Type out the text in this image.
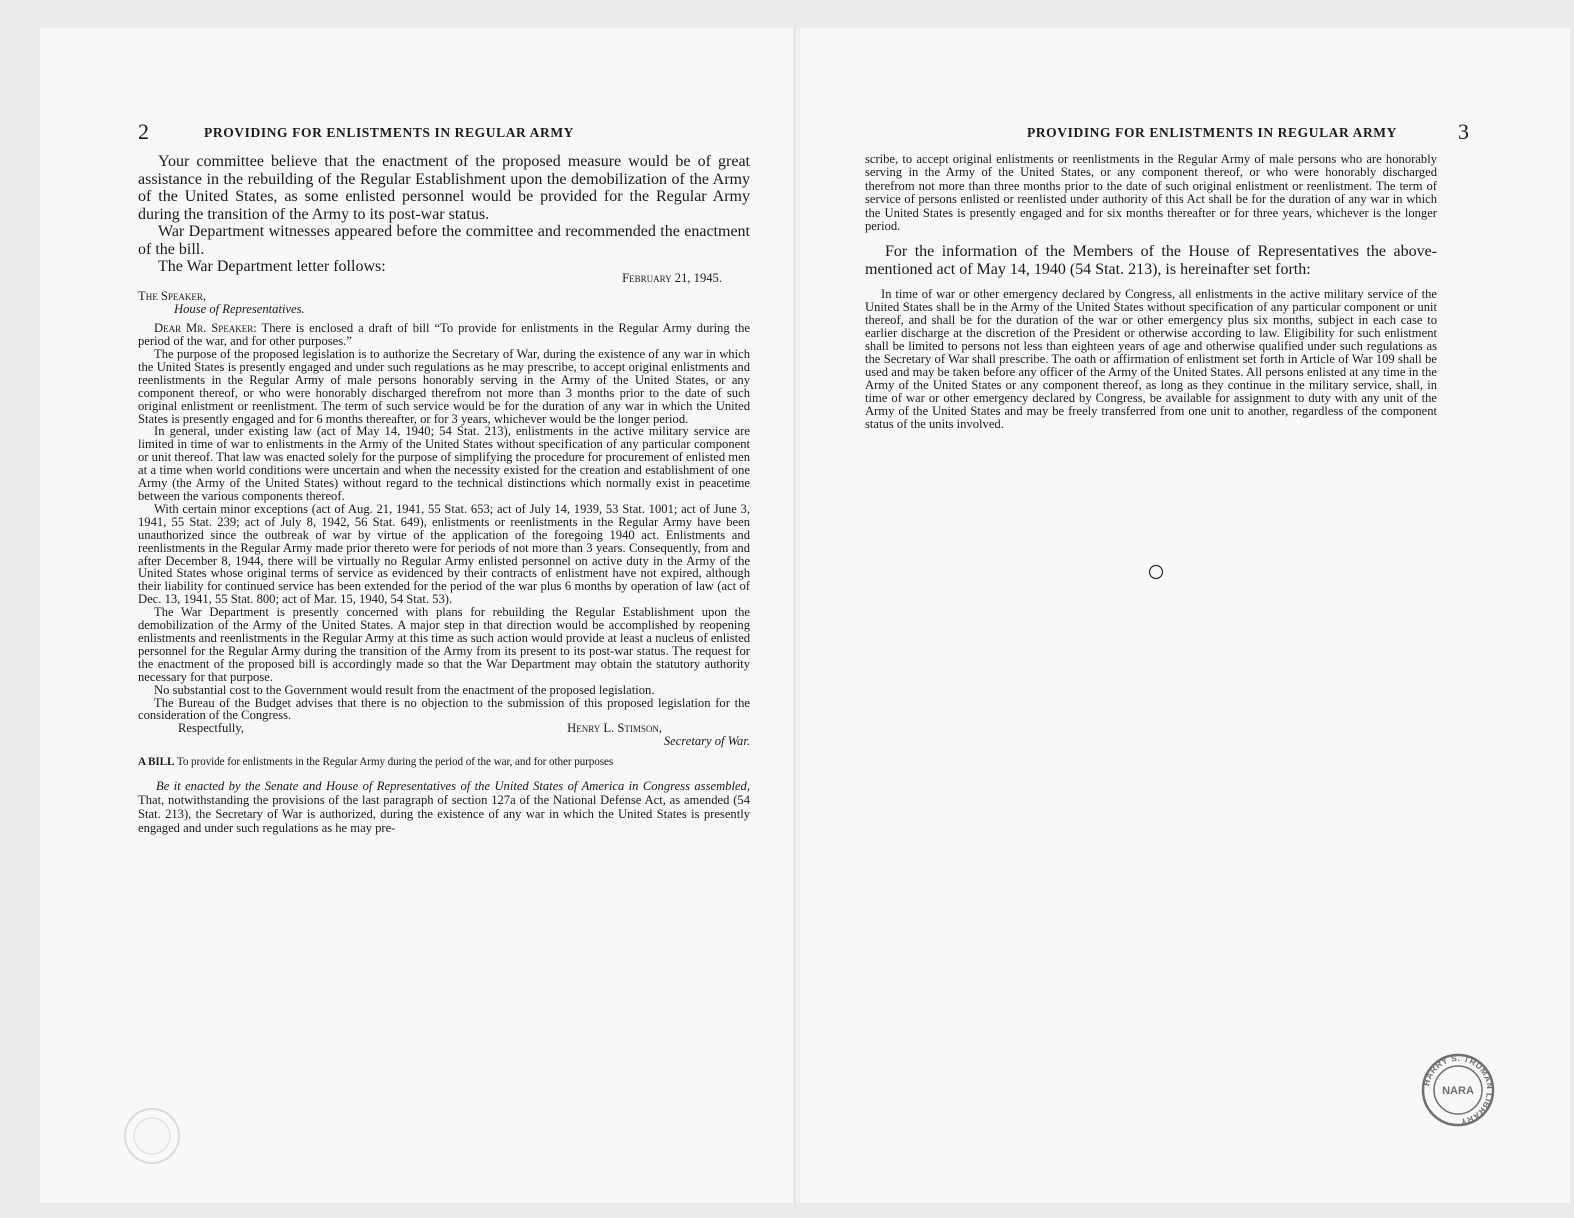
2	PROVIDING FOR ENLISTMENTS IN REGULAR ARMY

Your committee believe that the enactment of the proposed measure would be of great assistance in the rebuilding of the Regular Establishment upon the demobilization of the Army of the United States, as some enlisted personnel would be provided for the Regular Army during the transition of the Army to its post-war status.

War Department witnesses appeared before the committee and recommended the enactment of the bill.

The War Department letter follows:

February 21, 1945.

The Speaker,

House of Representatives.

Dear Mr. Speaker: There is enclosed a draft of bill “To provide for enlistments in the Regular Army during the period of the war, and for other purposes.”

The purpose of the proposed legislation is to authorize the Secretary of War, during the existence of any war in which the United States is presently engaged and under such regulations as he may prescribe, to accept original enlistments and reenlistments in the Regular Army of male persons honorably serving in the Army of the United States, or any component thereof, or who were honorably discharged therefrom not more than 3 months prior to the date of such original enlistment or reenlistment. The term of such service would be for the duration of any war in which the United States is presently engaged and for 6 months thereafter, or for 3 years, whichever would be the longer period.

In general, under existing law (act of May 14, 1940; 54 Stat. 213), enlistments in the active military service are limited in time of war to enlistments in the Army of the United States without specification of any particular component or unit thereof. That law was enacted solely for the purpose of simplifying the procedure for procurement of enlisted men at a time when world conditions were uncertain and when the necessity existed for the creation and establishment of one Army (the Army of the United States) without regard to the technical distinctions which normally exist in peacetime between the various components thereof.

With certain minor exceptions (act of Aug. 21, 1941, 55 Stat. 653; act of July 14, 1939, 53 Stat. 1001; act of June 3, 1941, 55 Stat. 239; act of July 8, 1942, 56 Stat. 649), enlistments or reenlistments in the Regular Army have been unauthorized since the outbreak of war by virtue of the application of the foregoing 1940 act. Enlistments and reenlistments in the Regular Army made prior thereto were for periods of not more than 3 years. Consequently, from and after December 8, 1944, there will be virtually no Regular Army enlisted personnel on active duty in the Army of the United States whose original terms of service as evidenced by their contracts of enlistment have not expired, although their liability for continued service has been extended for the period of the war plus 6 months by operation of law (act of Dec. 13, 1941, 55 Stat. 800; act of Mar. 15, 1940, 54 Stat. 53).

The War Department is presently concerned with plans for rebuilding the Regular Establishment upon the demobilization of the Army of the United States. A major step in that direction would be accomplished by reopening enlistments and reenlistments in the Regular Army at this time as such action would provide at least a nucleus of enlisted personnel for the Regular Army during the transition of the Army from its present to its post-war status. The request for the enactment of the proposed bill is accordingly made so that the War Department may obtain the statutory authority necessary for that purpose.

No substantial cost to the Government would result from the enactment of the proposed legislation.

The Bureau of the Budget advises that there is no objection to the submission of this proposed legislation for the consideration of the Congress.

Respectfully,	Henry L. Stimson,

Secretary of War.

A BILL To provide for enlistments in the Regular Army during the period of the war, and for other purposes

Be it enacted by the Senate and House of Representatives of the United States of America in Congress assembled, That, notwithstanding the provisions of the last paragraph of section 127a of the National Defense Act, as amended (54 Stat. 213), the Secretary of War is authorized, during the existence of any war in which the United States is presently engaged and under such regulations as he may pre-

PROVIDING FOR ENLISTMENTS IN REGULAR ARMY	3

scribe, to accept original enlistments or reenlistments in the Regular Army of male persons who are honorably serving in the Army of the United States, or any component thereof, or who were honorably discharged therefrom not more than three months prior to the date of such original enlistment or reenlistment. The term of service of persons enlisted or reenlisted under authority of this Act shall be for the duration of any war in which the United States is presently engaged and for six months thereafter or for three years, whichever is the longer period.

For the information of the Members of the House of Representatives the above-mentioned act of May 14, 1940 (54 Stat. 213), is hereinafter set forth:

In time of war or other emergency declared by Congress, all enlistments in the active military service of the United States shall be in the Army of the United States without specification of any particular component or unit thereof, and shall be for the duration of the war or other emergency plus six months, subject in each case to earlier discharge at the discretion of the President or otherwise according to law. Eligibility for such enlistment shall be limited to persons not less than eighteen years of age and otherwise qualified under such regulations as the Secretary of War shall prescribe. The oath or affirmation of enlistment set forth in Article of War 109 shall be used and may be taken before any officer of the Army of the United States. All persons enlisted at any time in the Army of the United States or any component thereof, as long as they continue in the military service, shall, in time of war or other emergency declared by Congress, be available for assignment to duty with any unit of the Army of the United States and may be freely transferred from one unit to another, regardless of the component status of the units involved.

HARRY S. TRUMAN LIBRARY
NARA
